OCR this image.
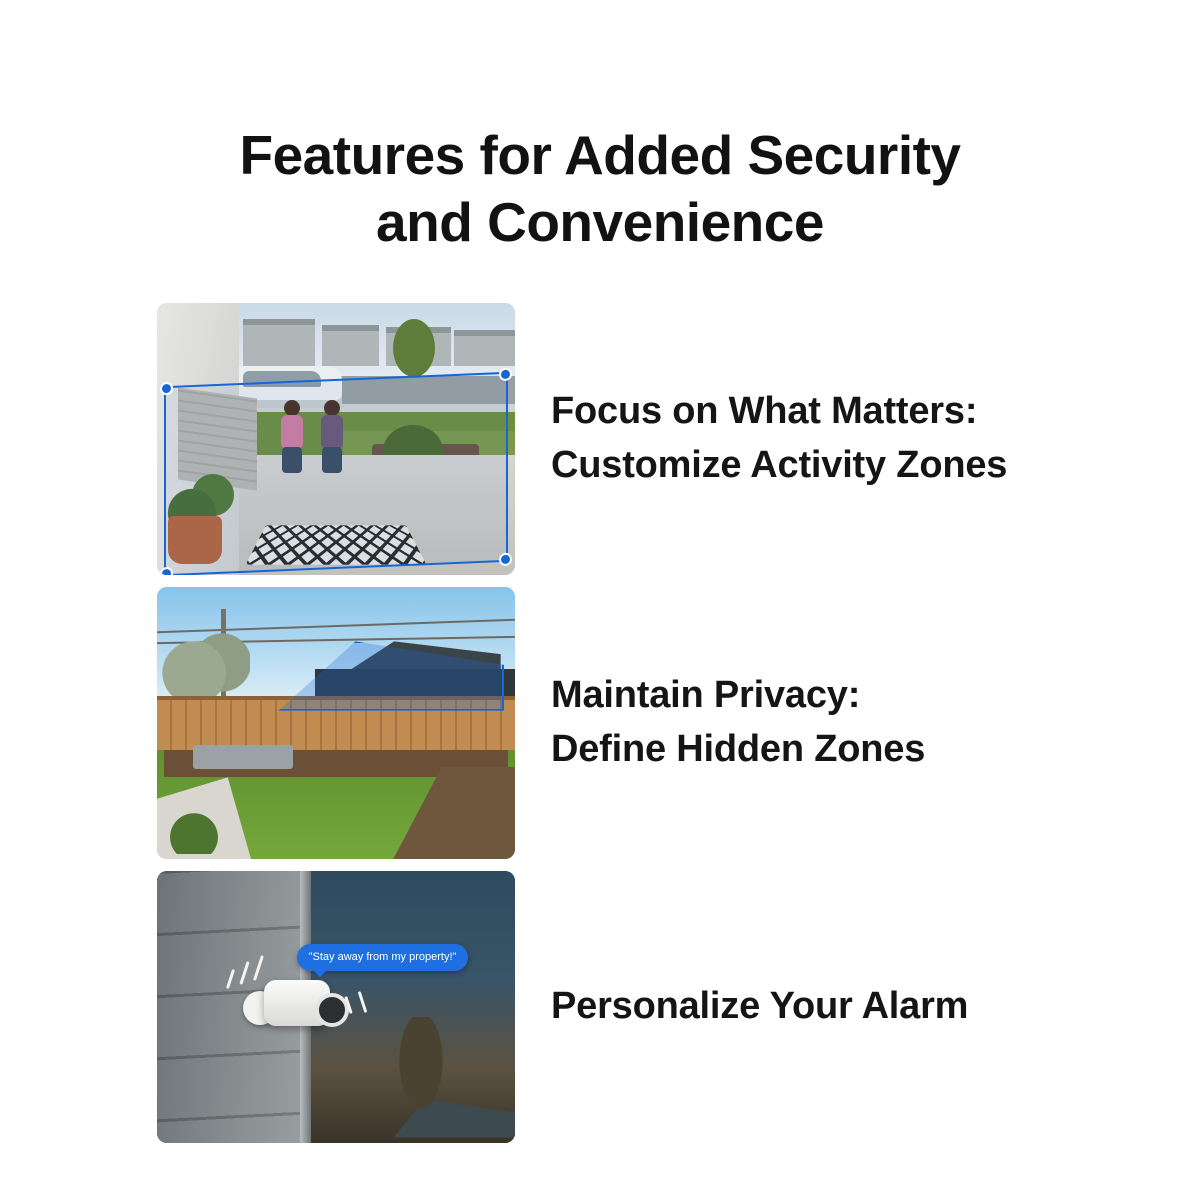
Features for Added Security
and Convenience
Focus on What Matters:
Customize Activity Zones
Maintain Privacy:
Define Hidden Zones
"Stay away from my property!"
Personalize Your Alarm
